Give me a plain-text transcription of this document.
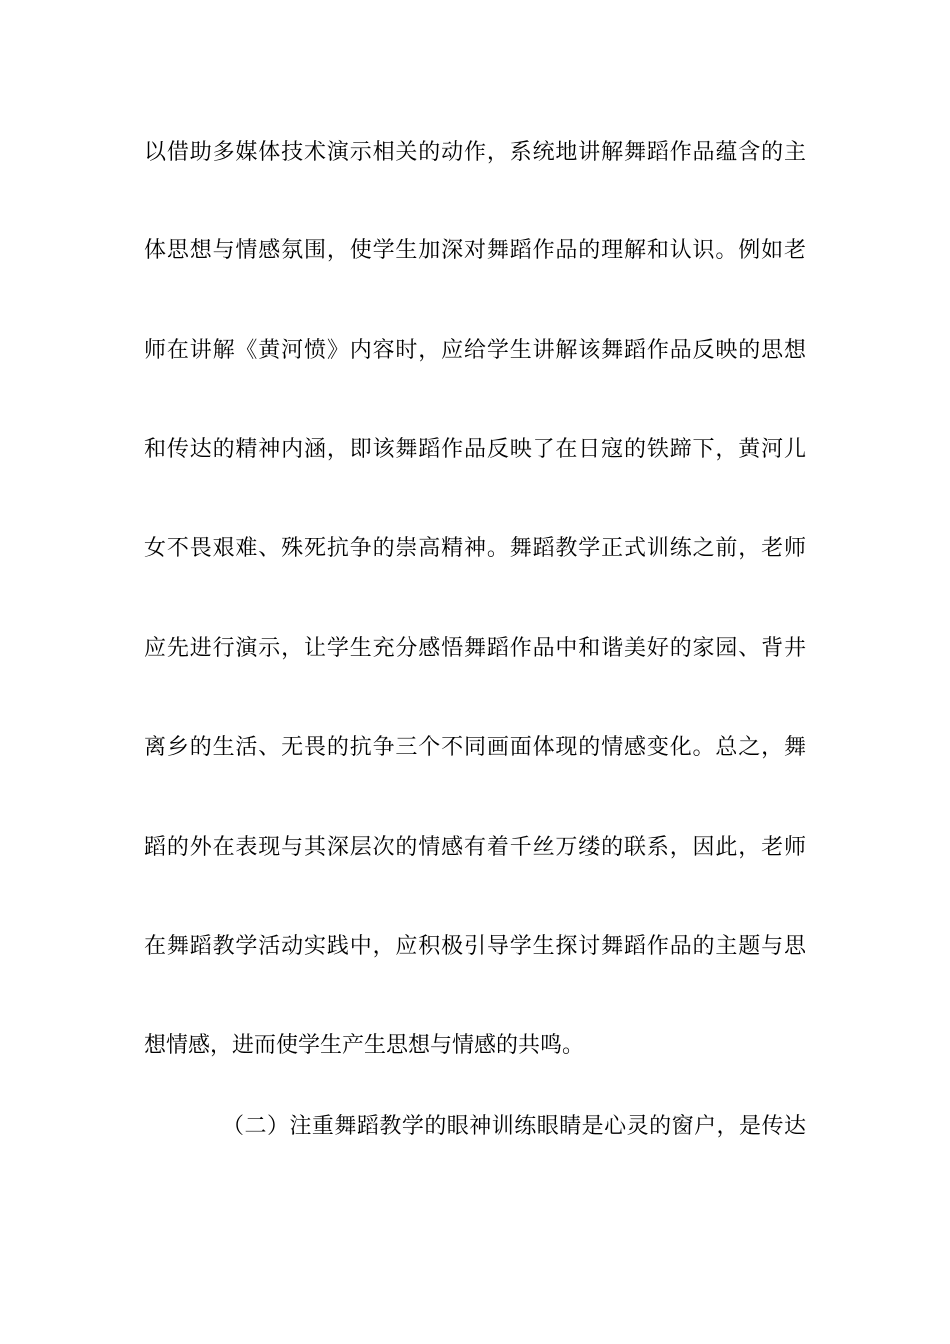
以借助多媒体技术演示相关的动作，系统地讲解舞蹈作品蕴含的主
体思想与情感氛围，使学生加深对舞蹈作品的理解和认识。例如老
师在讲解《黄河愤》内容时，应给学生讲解该舞蹈作品反映的思想
和传达的精神内涵，即该舞蹈作品反映了在日寇的铁蹄下，黄河儿
女不畏艰难、殊死抗争的崇高精神。舞蹈教学正式训练之前，老师
应先进行演示，让学生充分感悟舞蹈作品中和谐美好的家园、背井
离乡的生活、无畏的抗争三个不同画面体现的情感变化。总之，舞
蹈的外在表现与其深层次的情感有着千丝万缕的联系，因此，老师
在舞蹈教学活动实践中，应积极引导学生探讨舞蹈作品的主题与思
想情感，进而使学生产生思想与情感的共鸣。
（二）注重舞蹈教学的眼神训练眼睛是心灵的窗户，是传达
